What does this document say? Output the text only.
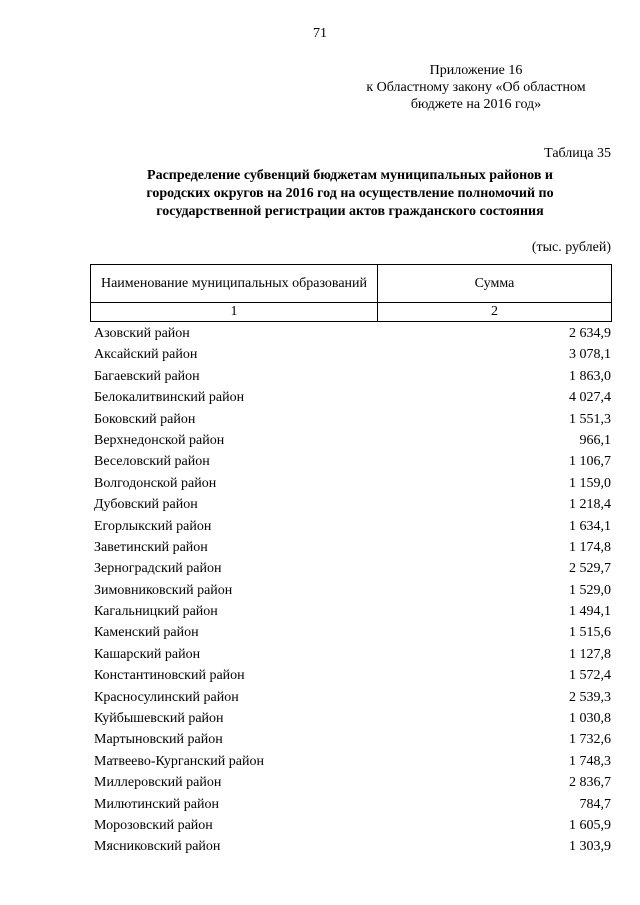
71
Приложение 16
к Областному закону «Об областном
бюджете на 2016 год»
Таблица 35
Распределение субвенций бюджетам муниципальных районов и
городских округов на 2016 год на осуществление полномочий по
государственной регистрации актов гражданского состояния
(тыс. рублей)
Наименование муниципальных образований	Сумма
1	2
Азовский район	2 634,9
Аксайский район	3 078,1
Багаевский район	1 863,0
Белокалитвинский район	4 027,4
Боковский район	1 551,3
Верхнедонской район	966,1
Веселовский район	1 106,7
Волгодонской район	1 159,0
Дубовский район	1 218,4
Егорлыкский район	1 634,1
Заветинский район	1 174,8
Зерноградский район	2 529,7
Зимовниковский район	1 529,0
Кагальницкий район	1 494,1
Каменский район	1 515,6
Кашарский район	1 127,8
Константиновский район	1 572,4
Красносулинский район	2 539,3
Куйбышевский район	1 030,8
Мартыновский район	1 732,6
Матвеево-Курганский район	1 748,3
Миллеровский район	2 836,7
Милютинский район	784,7
Морозовский район	1 605,9
Мясниковский район	1 303,9
